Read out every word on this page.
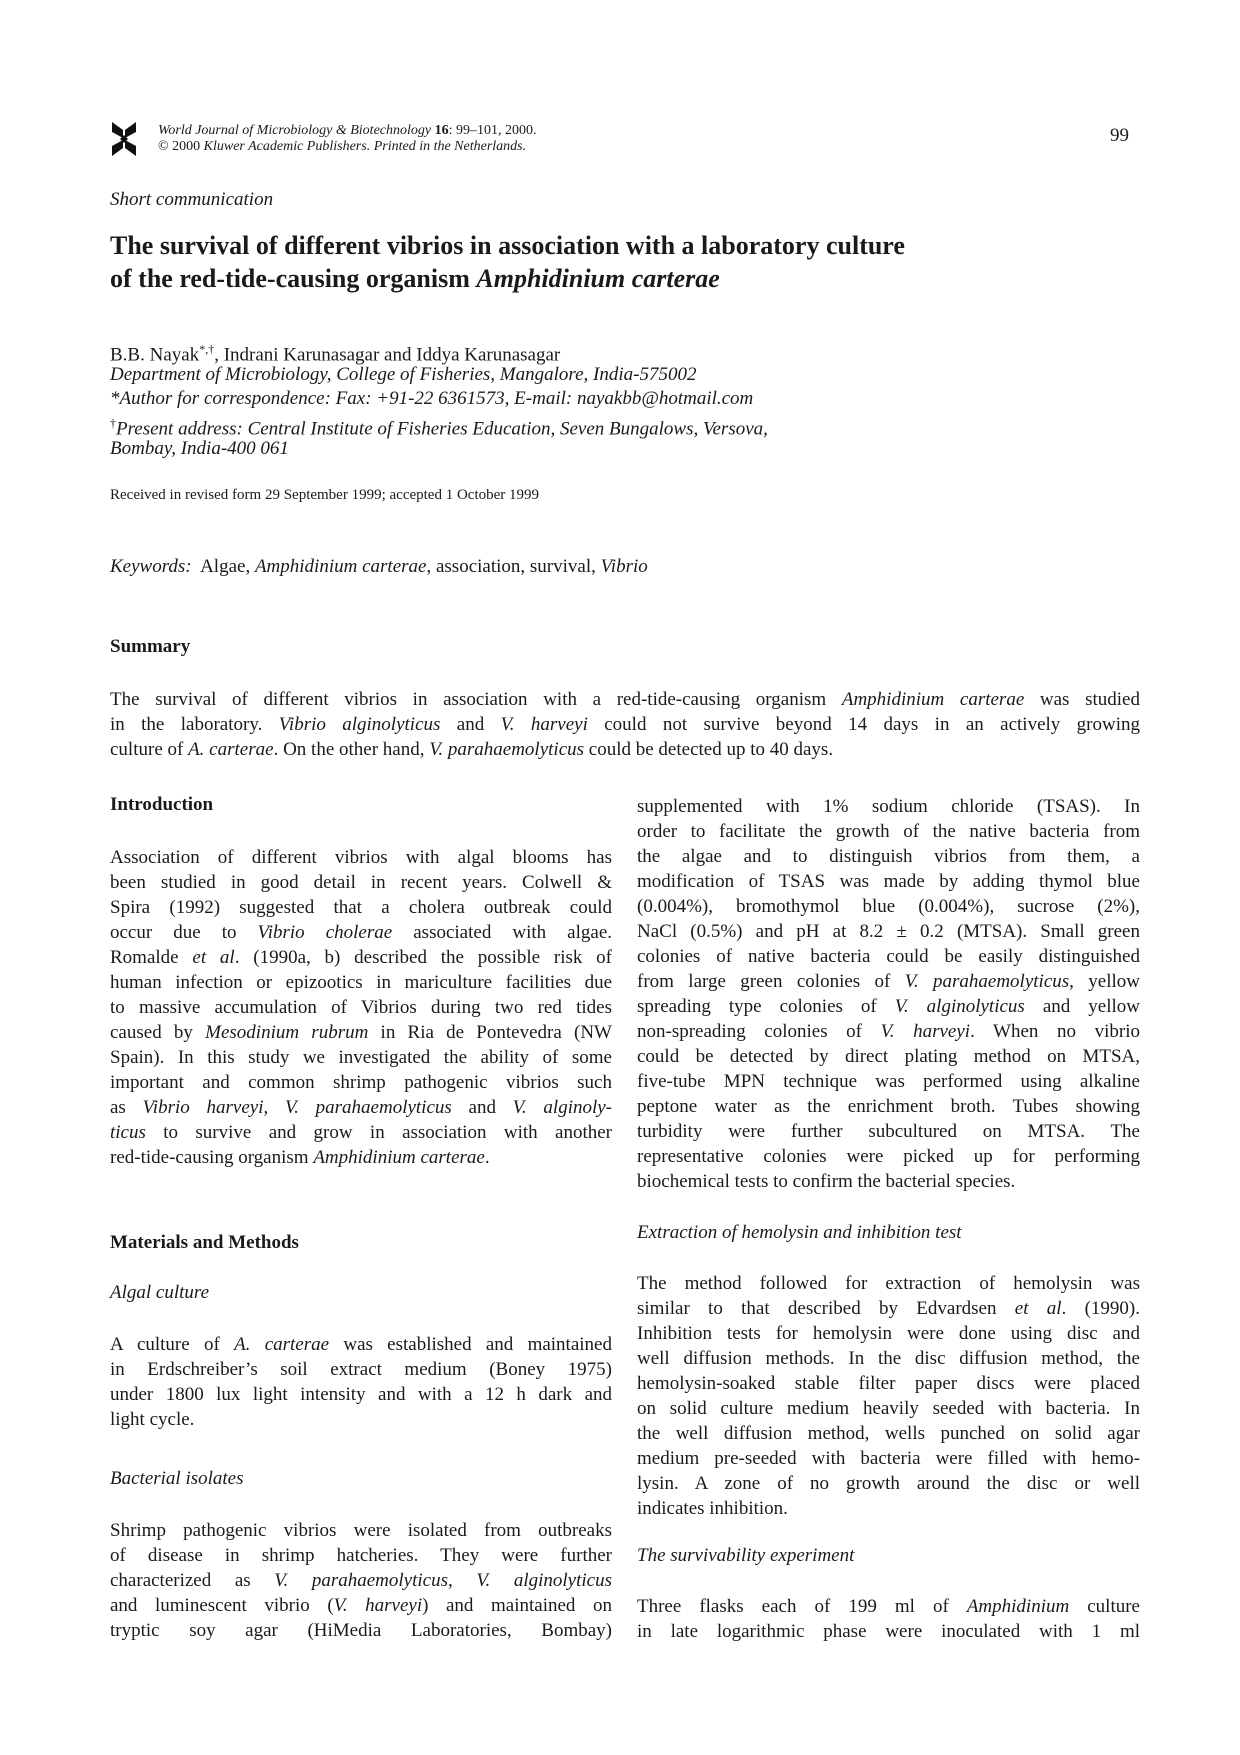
World Journal of Microbiology & Biotechnology 16: 99–101, 2000.
© 2000 Kluwer Academic Publishers. Printed in the Netherlands.
99
Short communication
The survival of different vibrios in association with a laboratory culture
of the red-tide-causing organism Amphidinium carterae
B.B. Nayak*,†, Indrani Karunasagar and Iddya Karunasagar
Department of Microbiology, College of Fisheries, Mangalore, India-575002
*Author for correspondence: Fax: +91-22 6361573, E-mail: nayakbb@hotmail.com
†Present address: Central Institute of Fisheries Education, Seven Bungalows, Versova,
Bombay, India-400 061
Received in revised form 29 September 1999; accepted 1 October 1999
Keywords:  Algae, Amphidinium carterae, association, survival, Vibrio
Summary
The survival of different vibrios in association with a red-tide-causing organism Amphidinium carterae was studied
in the laboratory. Vibrio alginolyticus and V. harveyi could not survive beyond 14 days in an actively growing
culture of A. carterae. On the other hand, V. parahaemolyticus could be detected up to 40 days.
Introduction
Association of different vibrios with algal blooms has
been studied in good detail in recent years. Colwell &
Spira (1992) suggested that a cholera outbreak could
occur due to Vibrio cholerae associated with algae.
Romalde et al. (1990a, b) described the possible risk of
human infection or epizootics in mariculture facilities due
to massive accumulation of Vibrios during two red tides
caused by Mesodinium rubrum in Ria de Pontevedra (NW
Spain). In this study we investigated the ability of some
important and common shrimp pathogenic vibrios such
as Vibrio harveyi, V. parahaemolyticus and V. alginoly-
ticus to survive and grow in association with another
red-tide-causing organism Amphidinium carterae.
Materials and Methods
Algal culture
A culture of A. carterae was established and maintained
in Erdschreiber’s soil extract medium (Boney 1975)
under 1800 lux light intensity and with a 12 h dark and
light cycle.
Bacterial isolates
Shrimp pathogenic vibrios were isolated from outbreaks
of disease in shrimp hatcheries. They were further
characterized as V. parahaemolyticus, V. alginolyticus
and luminescent vibrio (V. harveyi) and maintained on
tryptic soy agar (HiMedia Laboratories, Bombay)
supplemented with 1% sodium chloride (TSAS). In
order to facilitate the growth of the native bacteria from
the algae and to distinguish vibrios from them, a
modification of TSAS was made by adding thymol blue
(0.004%), bromothymol blue (0.004%), sucrose (2%),
NaCl (0.5%) and pH at 8.2 ± 0.2 (MTSA). Small green
colonies of native bacteria could be easily distinguished
from large green colonies of V. parahaemolyticus, yellow
spreading type colonies of V. alginolyticus and yellow
non-spreading colonies of V. harveyi. When no vibrio
could be detected by direct plating method on MTSA,
five-tube MPN technique was performed using alkaline
peptone water as the enrichment broth. Tubes showing
turbidity were further subcultured on MTSA. The
representative colonies were picked up for performing
biochemical tests to confirm the bacterial species.
Extraction of hemolysin and inhibition test
The method followed for extraction of hemolysin was
similar to that described by Edvardsen et al. (1990).
Inhibition tests for hemolysin were done using disc and
well diffusion methods. In the disc diffusion method, the
hemolysin-soaked stable filter paper discs were placed
on solid culture medium heavily seeded with bacteria. In
the well diffusion method, wells punched on solid agar
medium pre-seeded with bacteria were filled with hemo-
lysin. A zone of no growth around the disc or well
indicates inhibition.
The survivability experiment
Three flasks each of 199 ml of Amphidinium culture
in late logarithmic phase were inoculated with 1 ml
